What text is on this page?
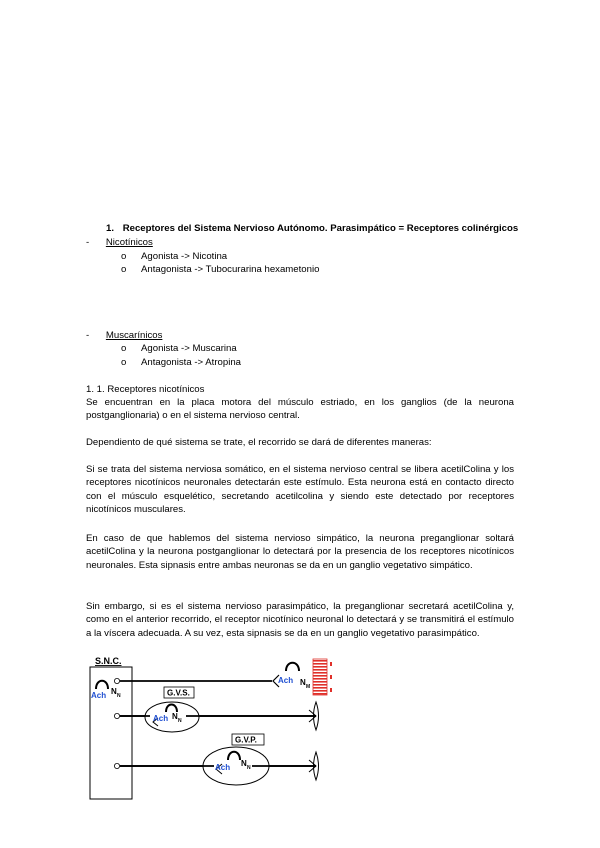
1. Receptores del Sistema Nervioso Autónomo. Parasimpático = Receptores colinérgicos
- Nicotínicos
o Agonista -> Nicotina
o Antagonista -> Tubocurarina hexametonio
- Muscarínicos
o Agonista -> Muscarina
o Antagonista -> Atropina
1. 1. Receptores nicotínicos

Se encuentran en la placa motora del músculo estriado, en los ganglios (de la neurona postganglionaria) o en el sistema nervioso central.

Dependiento de qué sistema se trate, el recorrido se dará de diferentes maneras:

Si se trata del sistema nerviosa somático, en el sistema nervioso central se libera acetilColina y los receptores nicotínicos neuronales detectarán este estímulo. Esta neurona está en contacto directo con el músculo esquelético, secretando acetilcolina y siendo este detectado por receptores nicotínicos musculares.

En caso de que hablemos del sistema nervioso simpático, la neurona preganglionar soltará acetilColina y la neurona postganglionar lo detectará por la presencia de los receptores nicotínicos neuronales. Esta sipnasis entre ambas neuronas se da en un ganglio vegetativo simpático.

Sin embargo, si es el sistema nervioso parasimpático, la preganglionar secretará acetilColina y, como en el anterior recorrido, el receptor nicotínico neuronal lo detectará y se transmitirá el estímulo a la víscera adecuada. A su vez, esta sipnasis se da en un ganglio vegetativo parasimpático.

S.N.C.
Ach N N
Ach N M
G.V.S.
Ach N N
G.V.P.
Ach N N
